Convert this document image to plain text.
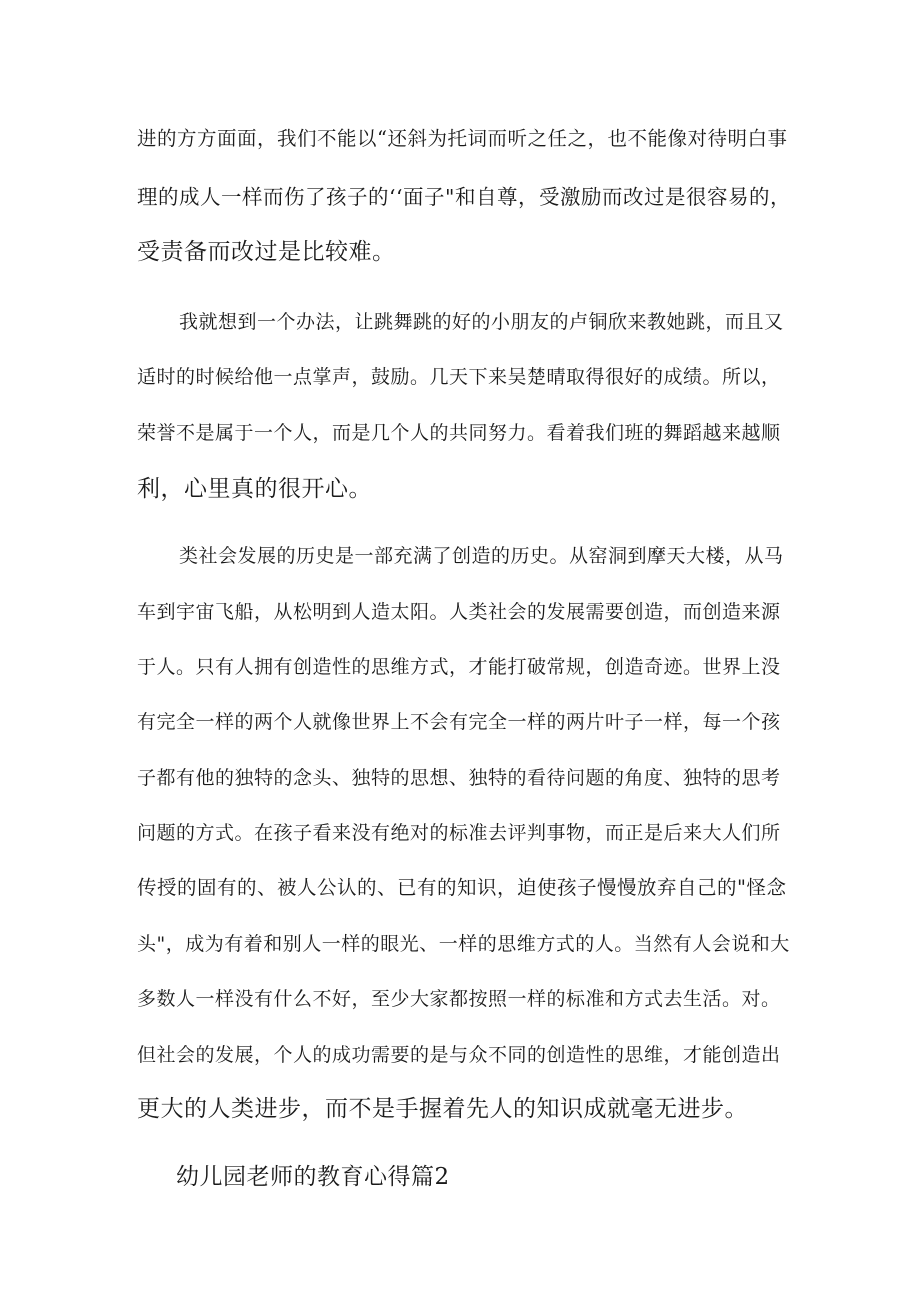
进的方方面面，我们不能以“还斜为托词而听之任之，也不能像对待明白事
理的成人一样而伤了孩子的‘‘面子"和自尊，受激励而改过是很容易的，
受责备而改过是比较难。
我就想到一个办法，让跳舞跳的好的小朋友的卢铜欣来教她跳，而且又
适时的时候给他一点掌声，鼓励。几天下来吴楚晴取得很好的成绩。所以，
荣誉不是属于一个人，而是几个人的共同努力。看着我们班的舞蹈越来越顺
利，心里真的很开心。
类社会发展的历史是一部充满了创造的历史。从窑洞到摩天大楼，从马
车到宇宙飞船，从松明到人造太阳。人类社会的发展需要创造，而创造来源
于人。只有人拥有创造性的思维方式，才能打破常规，创造奇迹。世界上没
有完全一样的两个人就像世界上不会有完全一样的两片叶子一样，每一个孩
子都有他的独特的念头、独特的思想、独特的看待问题的角度、独特的思考
问题的方式。在孩子看来没有绝对的标准去评判事物，而正是后来大人们所
传授的固有的、被人公认的、已有的知识，迫使孩子慢慢放弃自己的"怪念
头"，成为有着和别人一样的眼光、一样的思维方式的人。当然有人会说和大
多数人一样没有什么不好，至少大家都按照一样的标准和方式去生活。对。
但社会的发展，个人的成功需要的是与众不同的创造性的思维，才能创造出
更大的人类进步，而不是手握着先人的知识成就毫无进步。
幼儿园老师的教育心得篇2
